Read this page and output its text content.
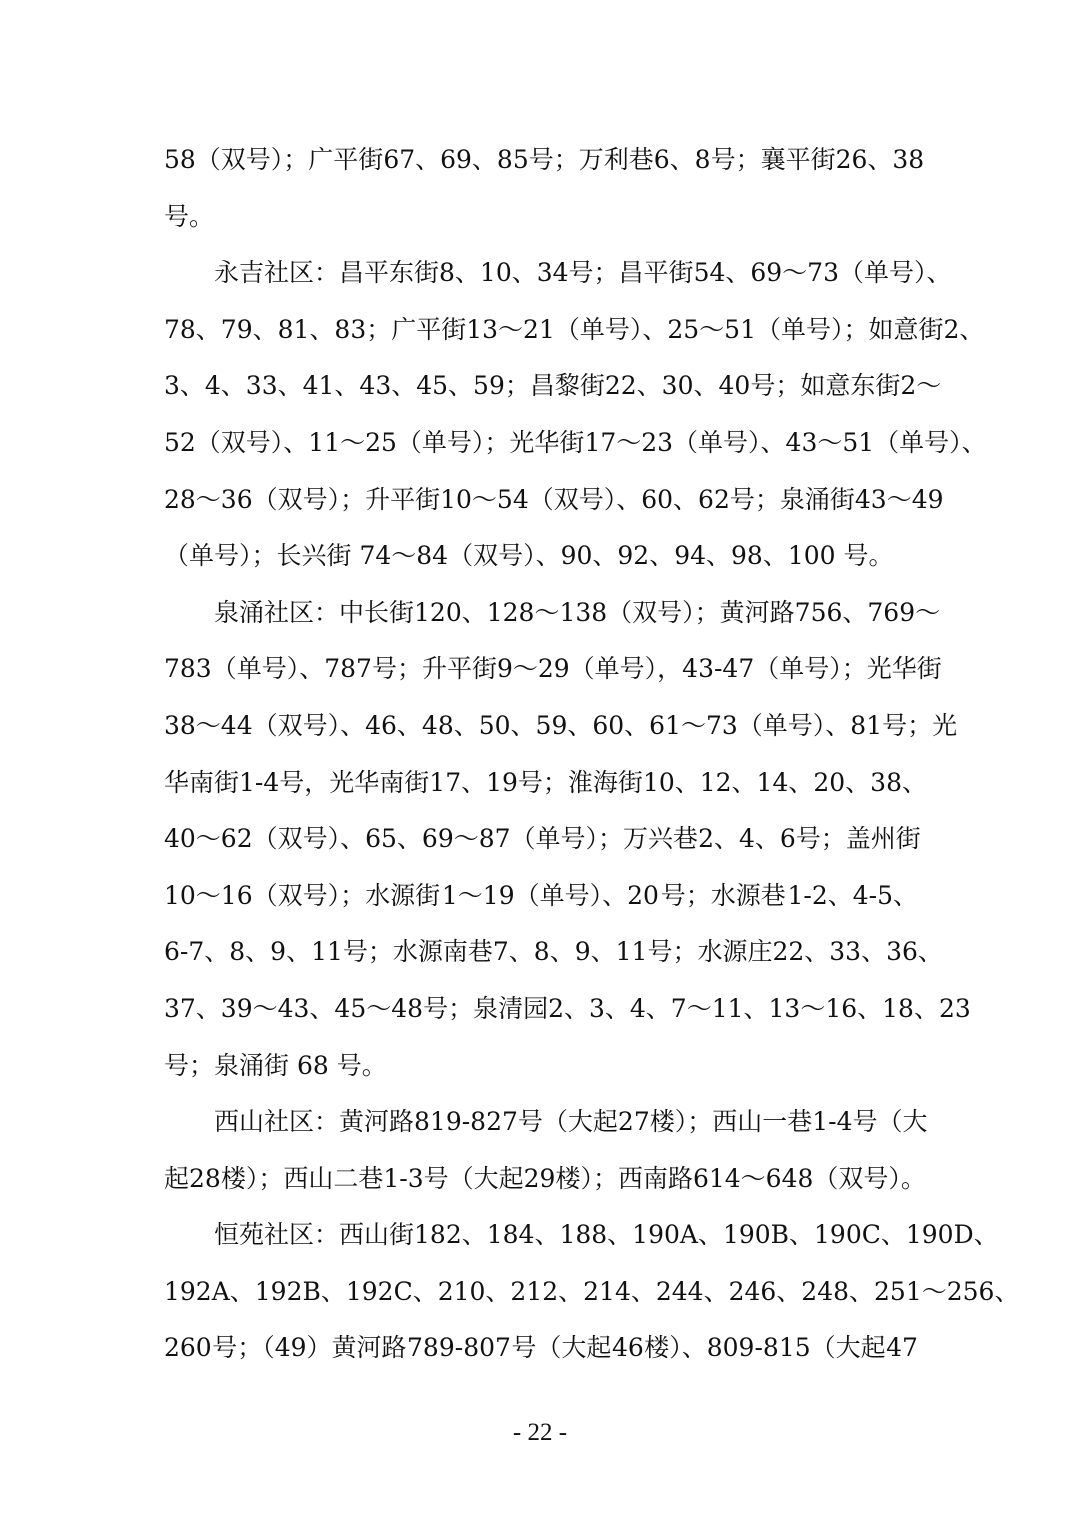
58（双号）；广平街 67、69、85 号；万利巷 6、8 号；襄平街 26、38
号。
永吉社区：昌平东街 8、10、34 号；昌平街 54、69～73（单号）、
78、79、81、83；广平街 13～21（单号）、25～51（单号）；如意街 2、
3、4、33、41、43、45、59；昌黎街 22、30、40 号；如意东街 2～
52（双号）、11～25（单号）；光华街 17～23（单号）、43～51（单号）、
28～36（双号）；升平街 10～54（双号）、60、62 号；泉涌街 43～49
（单号）；长兴街 74～84（双号）、90、92、94、98、100 号。
泉涌社区：中长街 120、128～138（双号）；黄河路 756、769～
783（单号）、787 号；升平街 9～29（单号），43-47（单号）；光华街
38～44（双号）、46、48、50、59、60、61～73（单号）、81 号；光
华南街 1-4 号，光华南街 17、19 号；淮海街 10、12、14、20、38、
40～62（双号）、65、69～87（单号）；万兴巷 2、4、6 号；盖州街
10～16（双号）；水源街 1～19（单号）、20 号；水源巷 1-2、4-5、
6-7、8、9、11 号；水源南巷 7、8、9、11 号；水源庄 22、33、36、
37、39～43、45～48 号；泉清园 2、3、4、7～11、13～16、18、23
号；泉涌街 68 号。
西山社区：黄河路 819-827 号（大起 27 楼）；西山一巷 1-4 号（大
起 28 楼）；西山二巷 1-3 号（大起 29 楼）；西南路 614～648（双号）。
恒苑社区：西山街 182、184、188、190A、190B、190C、190D、
192A、192B、192C、 210、212、214、244、246、248、251～256、
260 号；（49）黄河路 789-807 号（大起 46 楼）、809-815（大起 47
- 22 -
